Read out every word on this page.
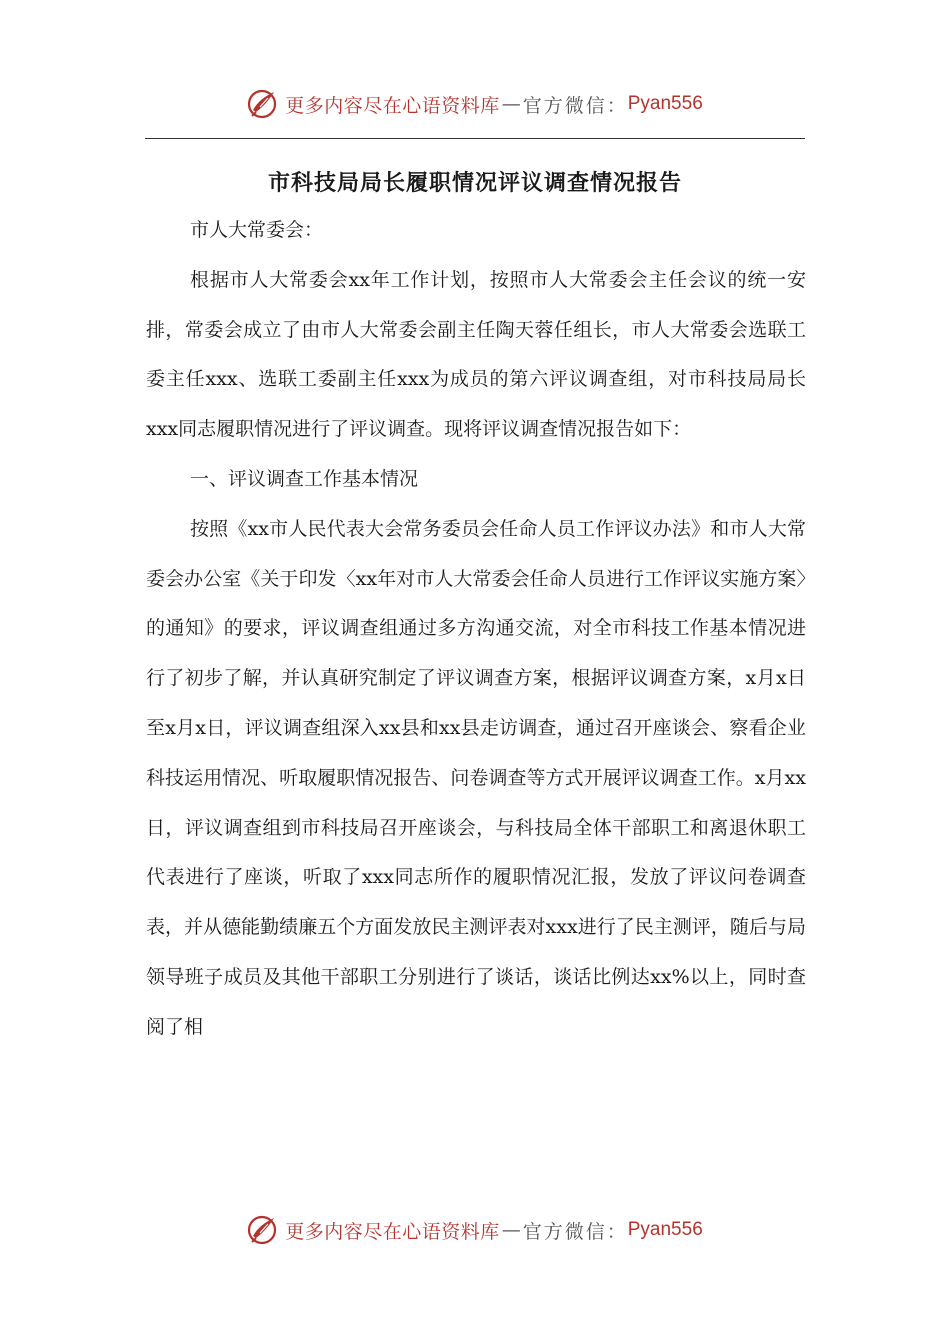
更多内容尽在心语资料库 — 官方微信： Pyan556
市科技局局长履职情况评议调查情况报告

市人大常委会：

根据市人大常委会xx年工作计划，按照市人大常委会主任会议的统一安排，常委会成立了由市人大常委会副主任陶天蓉任组长，市人大常委会选联工委主任xxx、选联工委副主任xxx为成员的第六评议调查组，对市科技局局长xxx同志履职情况进行了评议调查。现将评议调查情况报告如下：

一、评议调查工作基本情况

按照《xx市人民代表大会常务委员会任命人员工作评议办法》和市人大常委会办公室《关于印发〈xx年对市人大常委会任命人员进行工作评议实施方案〉的通知》的要求，评议调查组通过多方沟通交流，对全市科技工作基本情况进行了初步了解，并认真研究制定了评议调查方案，根据评议调查方案，x月x日至x月x日，评议调查组深入xx县和xx县走访调查，通过召开座谈会、察看企业科技运用情况、听取履职情况报告、问卷调查等方式开展评议调查工作。x月xx日，评议调查组到市科技局召开座谈会，与科技局全体干部职工和离退休职工代表进行了座谈，听取了xxx同志所作的履职情况汇报，发放了评议问卷调查表，并从德能勤绩廉五个方面发放民主测评表对xxx进行了民主测评，随后与局领导班子成员及其他干部职工分别进行了谈话，谈话比例达xx%以上，同时查阅了相

更多内容尽在心语资料库 — 官方微信： Pyan556
